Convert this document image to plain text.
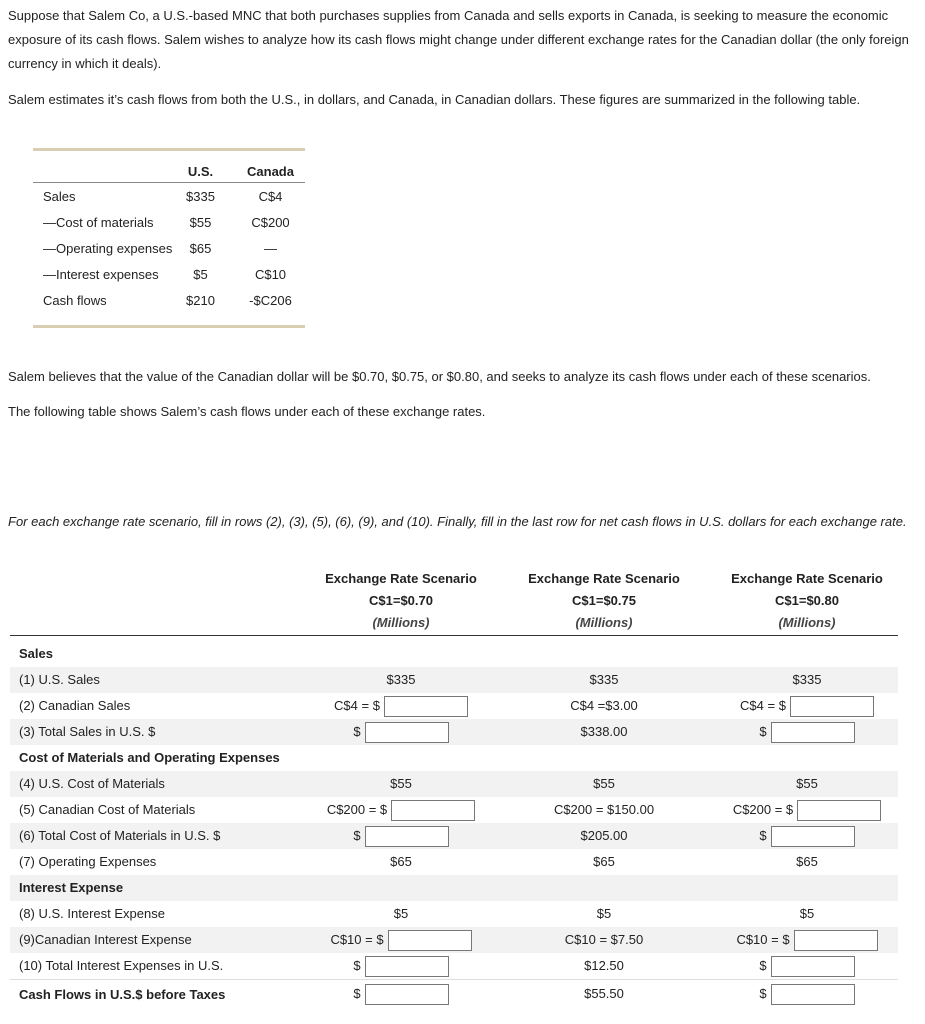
Suppose that Salem Co, a U.S.-based MNC that both purchases supplies from Canada and sells exports in Canada, is seeking to measure the economic exposure of its cash flows. Salem wishes to analyze how its cash flows might change under different exchange rates for the Canadian dollar (the only foreign currency in which it deals).

Salem estimates it’s cash flows from both the U.S., in dollars, and Canada, in Canadian dollars. These figures are summarized in the following table.

U.S.	Canada
Sales	$335	C$4
—Cost of materials	$55	C$200
—Operating expenses	$65	—
—Interest expenses	$5	C$10
Cash flows	$210	-$C206

Salem believes that the value of the Canadian dollar will be $0.70, $0.75, or $0.80, and seeks to analyze its cash flows under each of these scenarios.

The following table shows Salem’s cash flows under each of these exchange rates.

For each exchange rate scenario, fill in rows (2), (3), (5), (6), (9), and (10). Finally, fill in the last row for net cash flows in U.S. dollars for each exchange rate.

Exchange Rate Scenario
C$1=$0.70
(Millions)
Exchange Rate Scenario
C$1=$0.75
(Millions)
Exchange Rate Scenario
C$1=$0.80
(Millions)
Sales
(1) U.S. Sales	$335	$335	$335
(2) Canadian Sales	C$4 = $	C$4 =$3.00	C$4 = $
(3) Total Sales in U.S. $	$	$338.00	$
Cost of Materials and Operating Expenses
(4) U.S. Cost of Materials	$55	$55	$55
(5) Canadian Cost of Materials	C$200 = $	C$200 = $150.00	C$200 = $
(6) Total Cost of Materials in U.S. $	$	$205.00	$
(7) Operating Expenses	$65	$65	$65
Interest Expense
(8) U.S. Interest Expense	$5	$5	$5
(9)Canadian Interest Expense	C$10 = $	C$10 = $7.50	C$10 = $
(10) Total Interest Expenses in U.S.	$	$12.50	$
Cash Flows in U.S.$ before Taxes	$	$55.50	$
